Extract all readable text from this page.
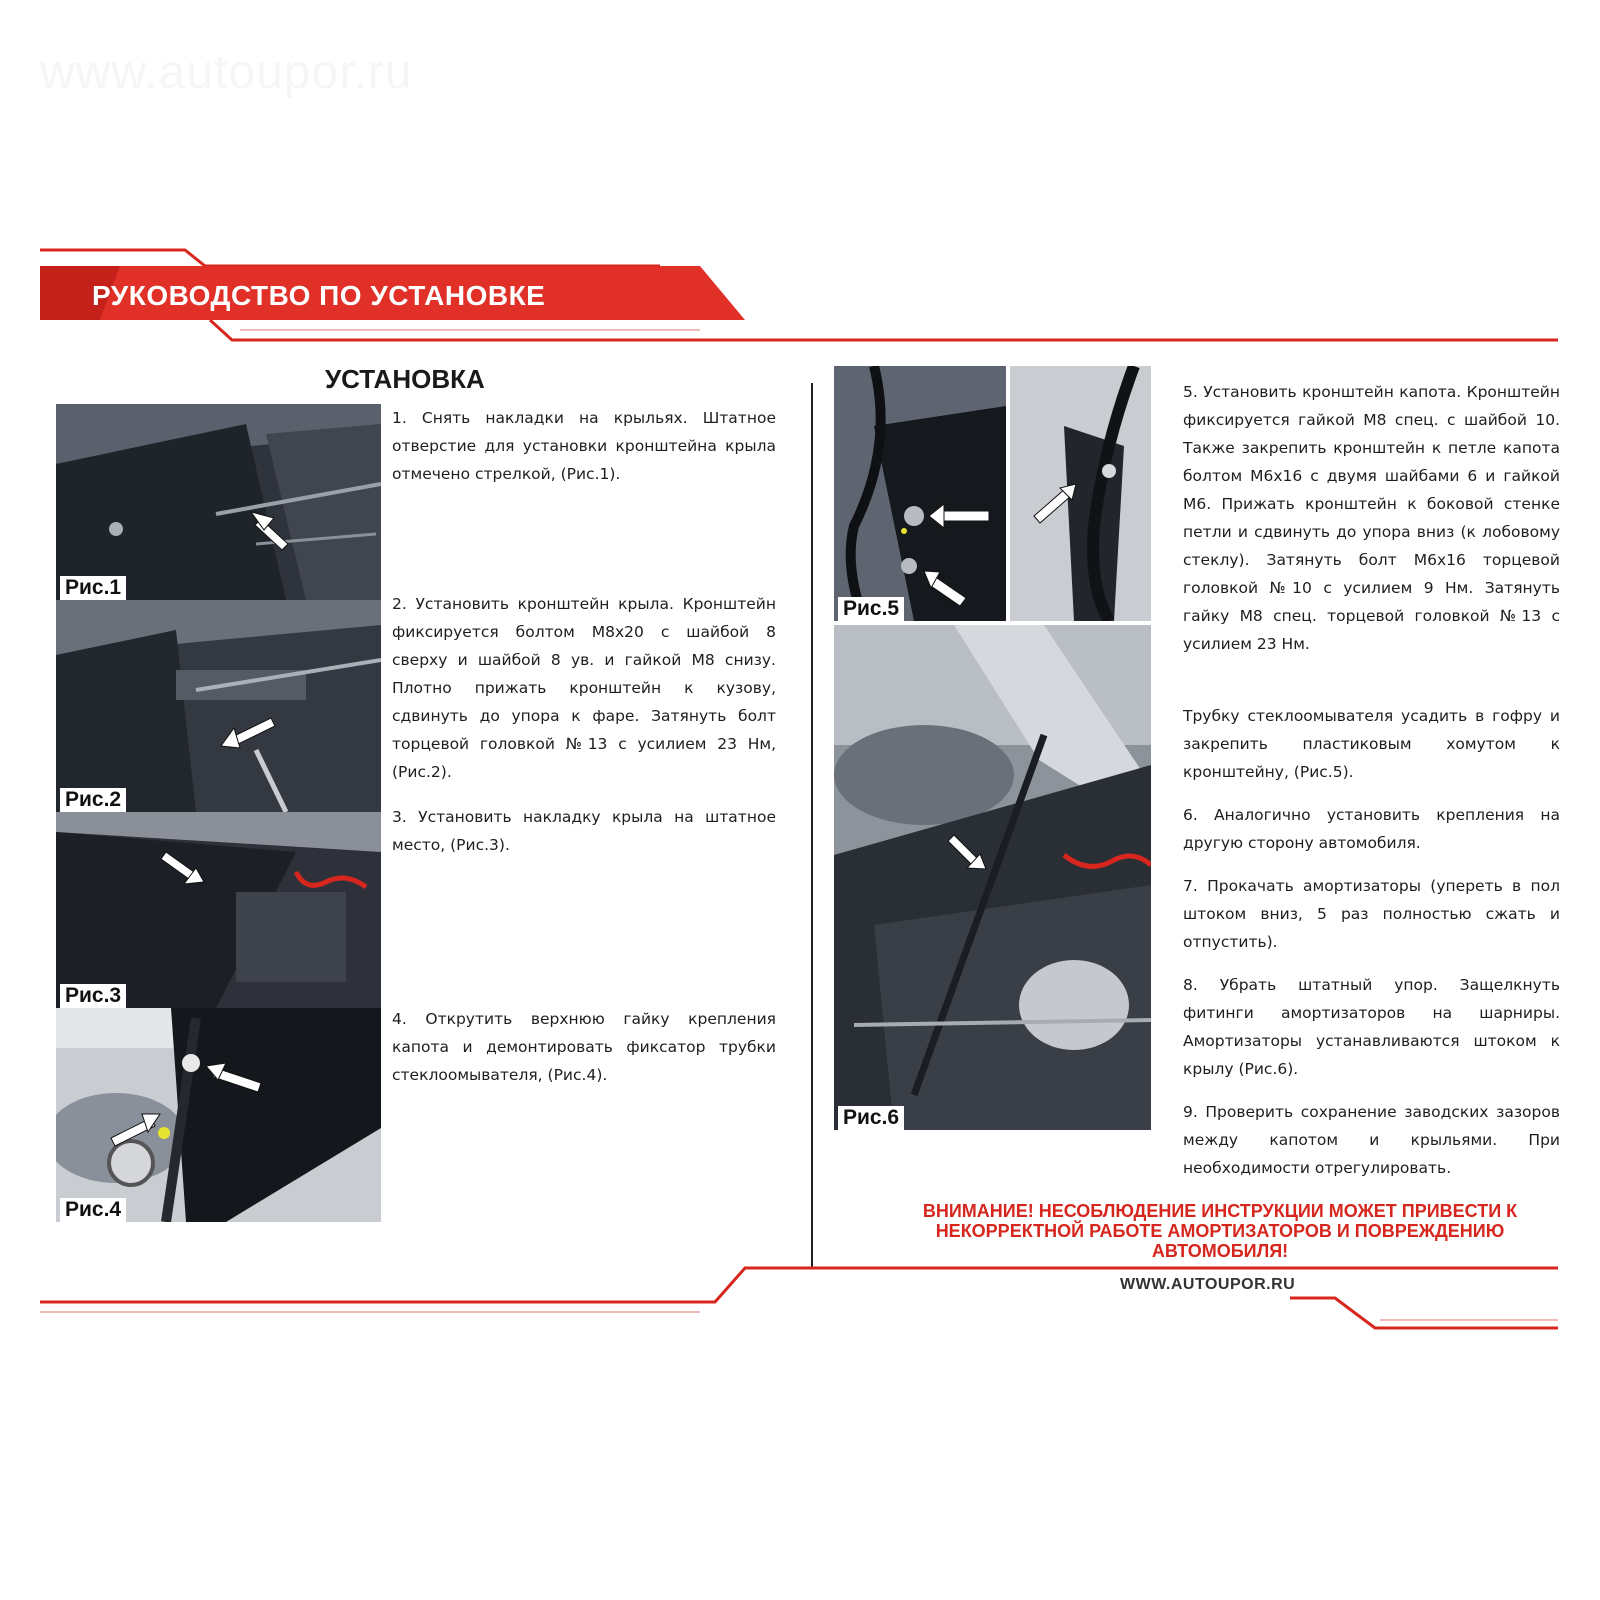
www.autoupor.ru
РУКОВОДСТВО ПО УСТАНОВКЕ
УСТАНОВКА
Рис.1
Рис.2
Рис.3
Рис.4

1. Снять накладки на крыльях. Штатное отверстие для установки кронштейна крыла отмечено стрелкой, (Рис.1).

2. Установить кронштейн крыла. Кронштейн фиксируется болтом М8х20 с шайбой 8 сверху и шайбой 8 ув. и гайкой М8 снизу. Плотно прижать кронштейн к кузову, сдвинуть до упора к фаре. Затянуть болт торцевой головкой №13 с усилием 23 Нм, (Рис.2).

3. Установить накладку крыла на штатное место, (Рис.3).

4. Открутить верхнюю гайку крепления капота и демонтировать фиксатор трубки стеклоомывателя, (Рис.4).

Рис.5
Рис.6

5. Установить кронштейн капота. Кронштейн фиксируется гайкой М8 спец. с шайбой 10. Также закрепить кронштейн к петле капота болтом М6х16 с двумя шайбами 6 и гайкой М6. Прижать кронштейн к боковой стенке петли и сдвинуть до упора вниз (к лобовому стеклу). Затянуть болт М6х16 торцевой головкой №10 с усилием 9 Нм. Затянуть гайку М8 спец. торцевой головкой №13 с усилием 23 Нм.

Трубку стеклоомывателя усадить в гофру и закрепить пластиковым хомутом к кронштейну, (Рис.5).

6. Аналогично установить крепления на другую сторону автомобиля.

7. Прокачать амортизаторы (упереть в пол штоком вниз, 5 раз полностью сжать и отпустить).

8. Убрать штатный упор. Защелкнуть фитинги амортизаторов на шарниры. Амортизаторы устанавливаются штоком к крылу (Рис.6).

9. Проверить сохранение заводских зазоров между капотом и крыльями. При необходимости отрегулировать.

ВНИМАНИЕ! НЕСОБЛЮДЕНИЕ ИНСТРУКЦИИ МОЖЕТ ПРИВЕСТИ К
НЕКОРРЕКТНОЙ РАБОТЕ АМОРТИЗАТОРОВ И ПОВРЕЖДЕНИЮ
АВТОМОБИЛЯ!
WWW.AUTOUPOR.RU
